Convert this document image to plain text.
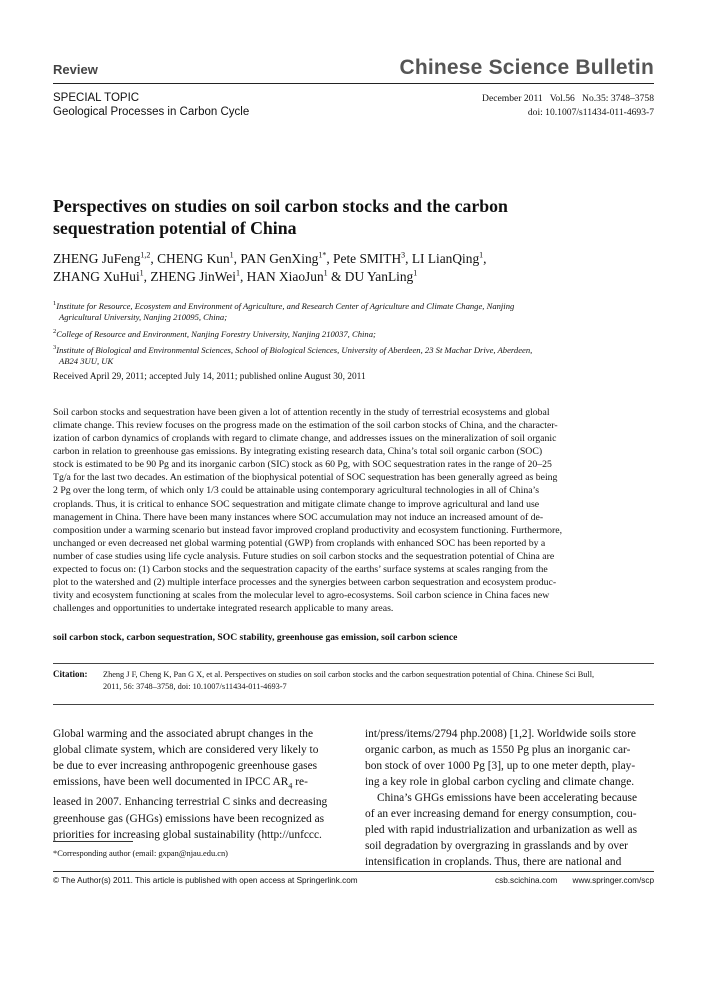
Review	Chinese Science Bulletin
SPECIAL TOPIC
Geological Processes in Carbon Cycle
December 2011   Vol.56   No.35: 3748–3758
doi: 10.1007/s11434-011-4693-7
Perspectives on studies on soil carbon stocks and the carbon
sequestration potential of China
ZHENG JuFeng$^{1,2}$, CHENG Kun$^1$, PAN GenXing$^{1*}$, Pete SMITH$^3$, LI LianQing$^1$,
ZHANG XuHui$^1$, ZHENG JinWei$^1$, HAN XiaoJun$^1$ & DU YanLing$^1$
$^1$Institute for Resource, Ecosystem and Environment of Agriculture, and Research Center of Agriculture and Climate Change, Nanjing
Agricultural University, Nanjing 210095, China;
$^2$College of Resource and Environment, Nanjing Forestry University, Nanjing 210037, China;
$^3$Institute of Biological and Environmental Sciences, School of Biological Sciences, University of Aberdeen, 23 St Machar Drive, Aberdeen,
AB24 3UU, UK
Received April 29, 2011; accepted July 14, 2011; published online August 30, 2011
Soil carbon stocks and sequestration have been given a lot of attention recently in the study of terrestrial ecosystems and global
climate change. This review focuses on the progress made on the estimation of the soil carbon stocks of China, and the character-
ization of carbon dynamics of croplands with regard to climate change, and addresses issues on the mineralization of soil organic
carbon in relation to greenhouse gas emissions. By integrating existing research data, China’s total soil organic carbon (SOC)
stock is estimated to be 90 Pg and its inorganic carbon (SIC) stock as 60 Pg, with SOC sequestration rates in the range of 20–25
Tg/a for the last two decades. An estimation of the biophysical potential of SOC sequestration has been generally agreed as being
2 Pg over the long term, of which only 1/3 could be attainable using contemporary agricultural technologies in all of China’s
croplands. Thus, it is critical to enhance SOC sequestration and mitigate climate change to improve agricultural and land use
management in China. There have been many instances where SOC accumulation may not induce an increased amount of de-
composition under a warming scenario but instead favor improved cropland productivity and ecosystem functioning. Furthermore,
unchanged or even decreased net global warming potential (GWP) from croplands with enhanced SOC has been reported by a
number of case studies using life cycle analysis. Future studies on soil carbon stocks and the sequestration potential of China are
expected to focus on: (1) Carbon stocks and the sequestration capacity of the earths’ surface systems at scales ranging from the
plot to the watershed and (2) multiple interface processes and the synergies between carbon sequestration and ecosystem produc-
tivity and ecosystem functioning at scales from the molecular level to agro-ecosystems. Soil carbon science in China faces new
challenges and opportunities to undertake integrated research applicable to many areas.
soil carbon stock, carbon sequestration, SOC stability, greenhouse gas emission, soil carbon science
Citation: Zheng J F, Cheng K, Pan G X, et al. Perspectives on studies on soil carbon stocks and the carbon sequestration potential of China. Chinese Sci Bull,
2011, 56: 3748–3758, doi: 10.1007/s11434-011-4693-7
Global warming and the associated abrupt changes in the
global climate system, which are considered very likely to
be due to ever increasing anthropogenic greenhouse gases
emissions, have been well documented in IPCC $AR_4$ re-
leased in 2007. Enhancing terrestrial C sinks and decreasing
greenhouse gas (GHGs) emissions have been recognized as
priorities for increasing global sustainability (http://unfccc.
int/press/items/2794 php.2008) [1,2]. Worldwide soils store
organic carbon, as much as 1550 Pg plus an inorganic car-
bon stock of over 1000 Pg [3], up to one meter depth, play-
ing a key role in global carbon cycling and climate change.
China’s GHGs emissions have been accelerating because
of an ever increasing demand for energy consumption, cou-
pled with rapid industrialization and urbanization as well as
soil degradation by overgrazing in grasslands and by over
intensification in croplands. Thus, there are national and
*Corresponding author (email: gxpan@njau.edu.cn)
© The Author(s) 2011. This article is published with open access at Springerlink.com	csb.scichina.com www.springer.com/scp
